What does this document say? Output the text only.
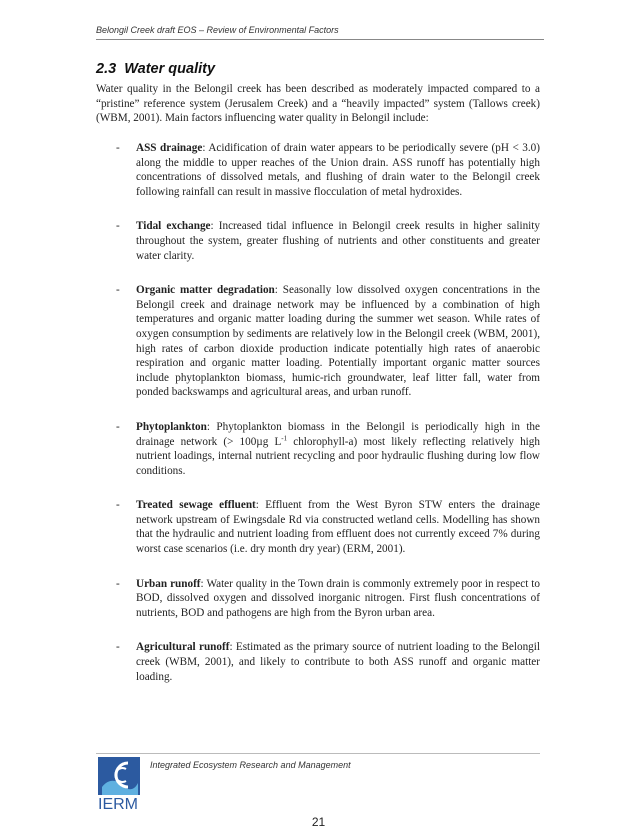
Belongil Creek draft EOS – Review of Environmental Factors
2.3 Water quality

Water quality in the Belongil creek has been described as moderately impacted compared to a “pristine” reference system (Jerusalem Creek) and a “heavily impacted” system (Tallows creek) (WBM, 2001). Main factors influencing water quality in Belongil include:

- ASS drainage: Acidification of drain water appears to be periodically severe (pH < 3.0) along the middle to upper reaches of the Union drain. ASS runoff has potentially high concentrations of dissolved metals, and flushing of drain water to the Belongil creek following rainfall can result in massive flocculation of metal hydroxides.
- Tidal exchange: Increased tidal influence in Belongil creek results in higher salinity throughout the system, greater flushing of nutrients and other constituents and greater water clarity.
- Organic matter degradation: Seasonally low dissolved oxygen concentrations in the Belongil creek and drainage network may be influenced by a combination of high temperatures and organic matter loading during the summer wet season. While rates of oxygen consumption by sediments are relatively low in the Belongil creek (WBM, 2001), high rates of carbon dioxide production indicate potentially high rates of anaerobic respiration and organic matter loading. Potentially important organic matter sources include phytoplankton biomass, humic-rich groundwater, leaf litter fall, water from ponded backswamps and agricultural areas, and urban runoff.
- Phytoplankton: Phytoplankton biomass in the Belongil is periodically high in the drainage network (> 100µg $L^{-1}$ chlorophyll-a) most likely reflecting relatively high nutrient loadings, internal nutrient recycling and poor hydraulic flushing during low flow conditions.
- Treated sewage effluent: Effluent from the West Byron STW enters the drainage network upstream of Ewingsdale Rd via constructed wetland cells. Modelling has shown that the hydraulic and nutrient loading from effluent does not currently exceed 7% during worst case scenarios (i.e. dry month dry year) (ERM, 2001).
- Urban runoff: Water quality in the Town drain is commonly extremely poor in respect to BOD, dissolved oxygen and dissolved inorganic nitrogen. First flush concentrations of nutrients, BOD and pathogens are high from the Byron urban area.
- Agricultural runoff: Estimated as the primary source of nutrient loading to the Belongil creek (WBM, 2001), and likely to contribute to both ASS runoff and organic matter loading.
IERM
Integrated Ecosystem Research and Management
21
